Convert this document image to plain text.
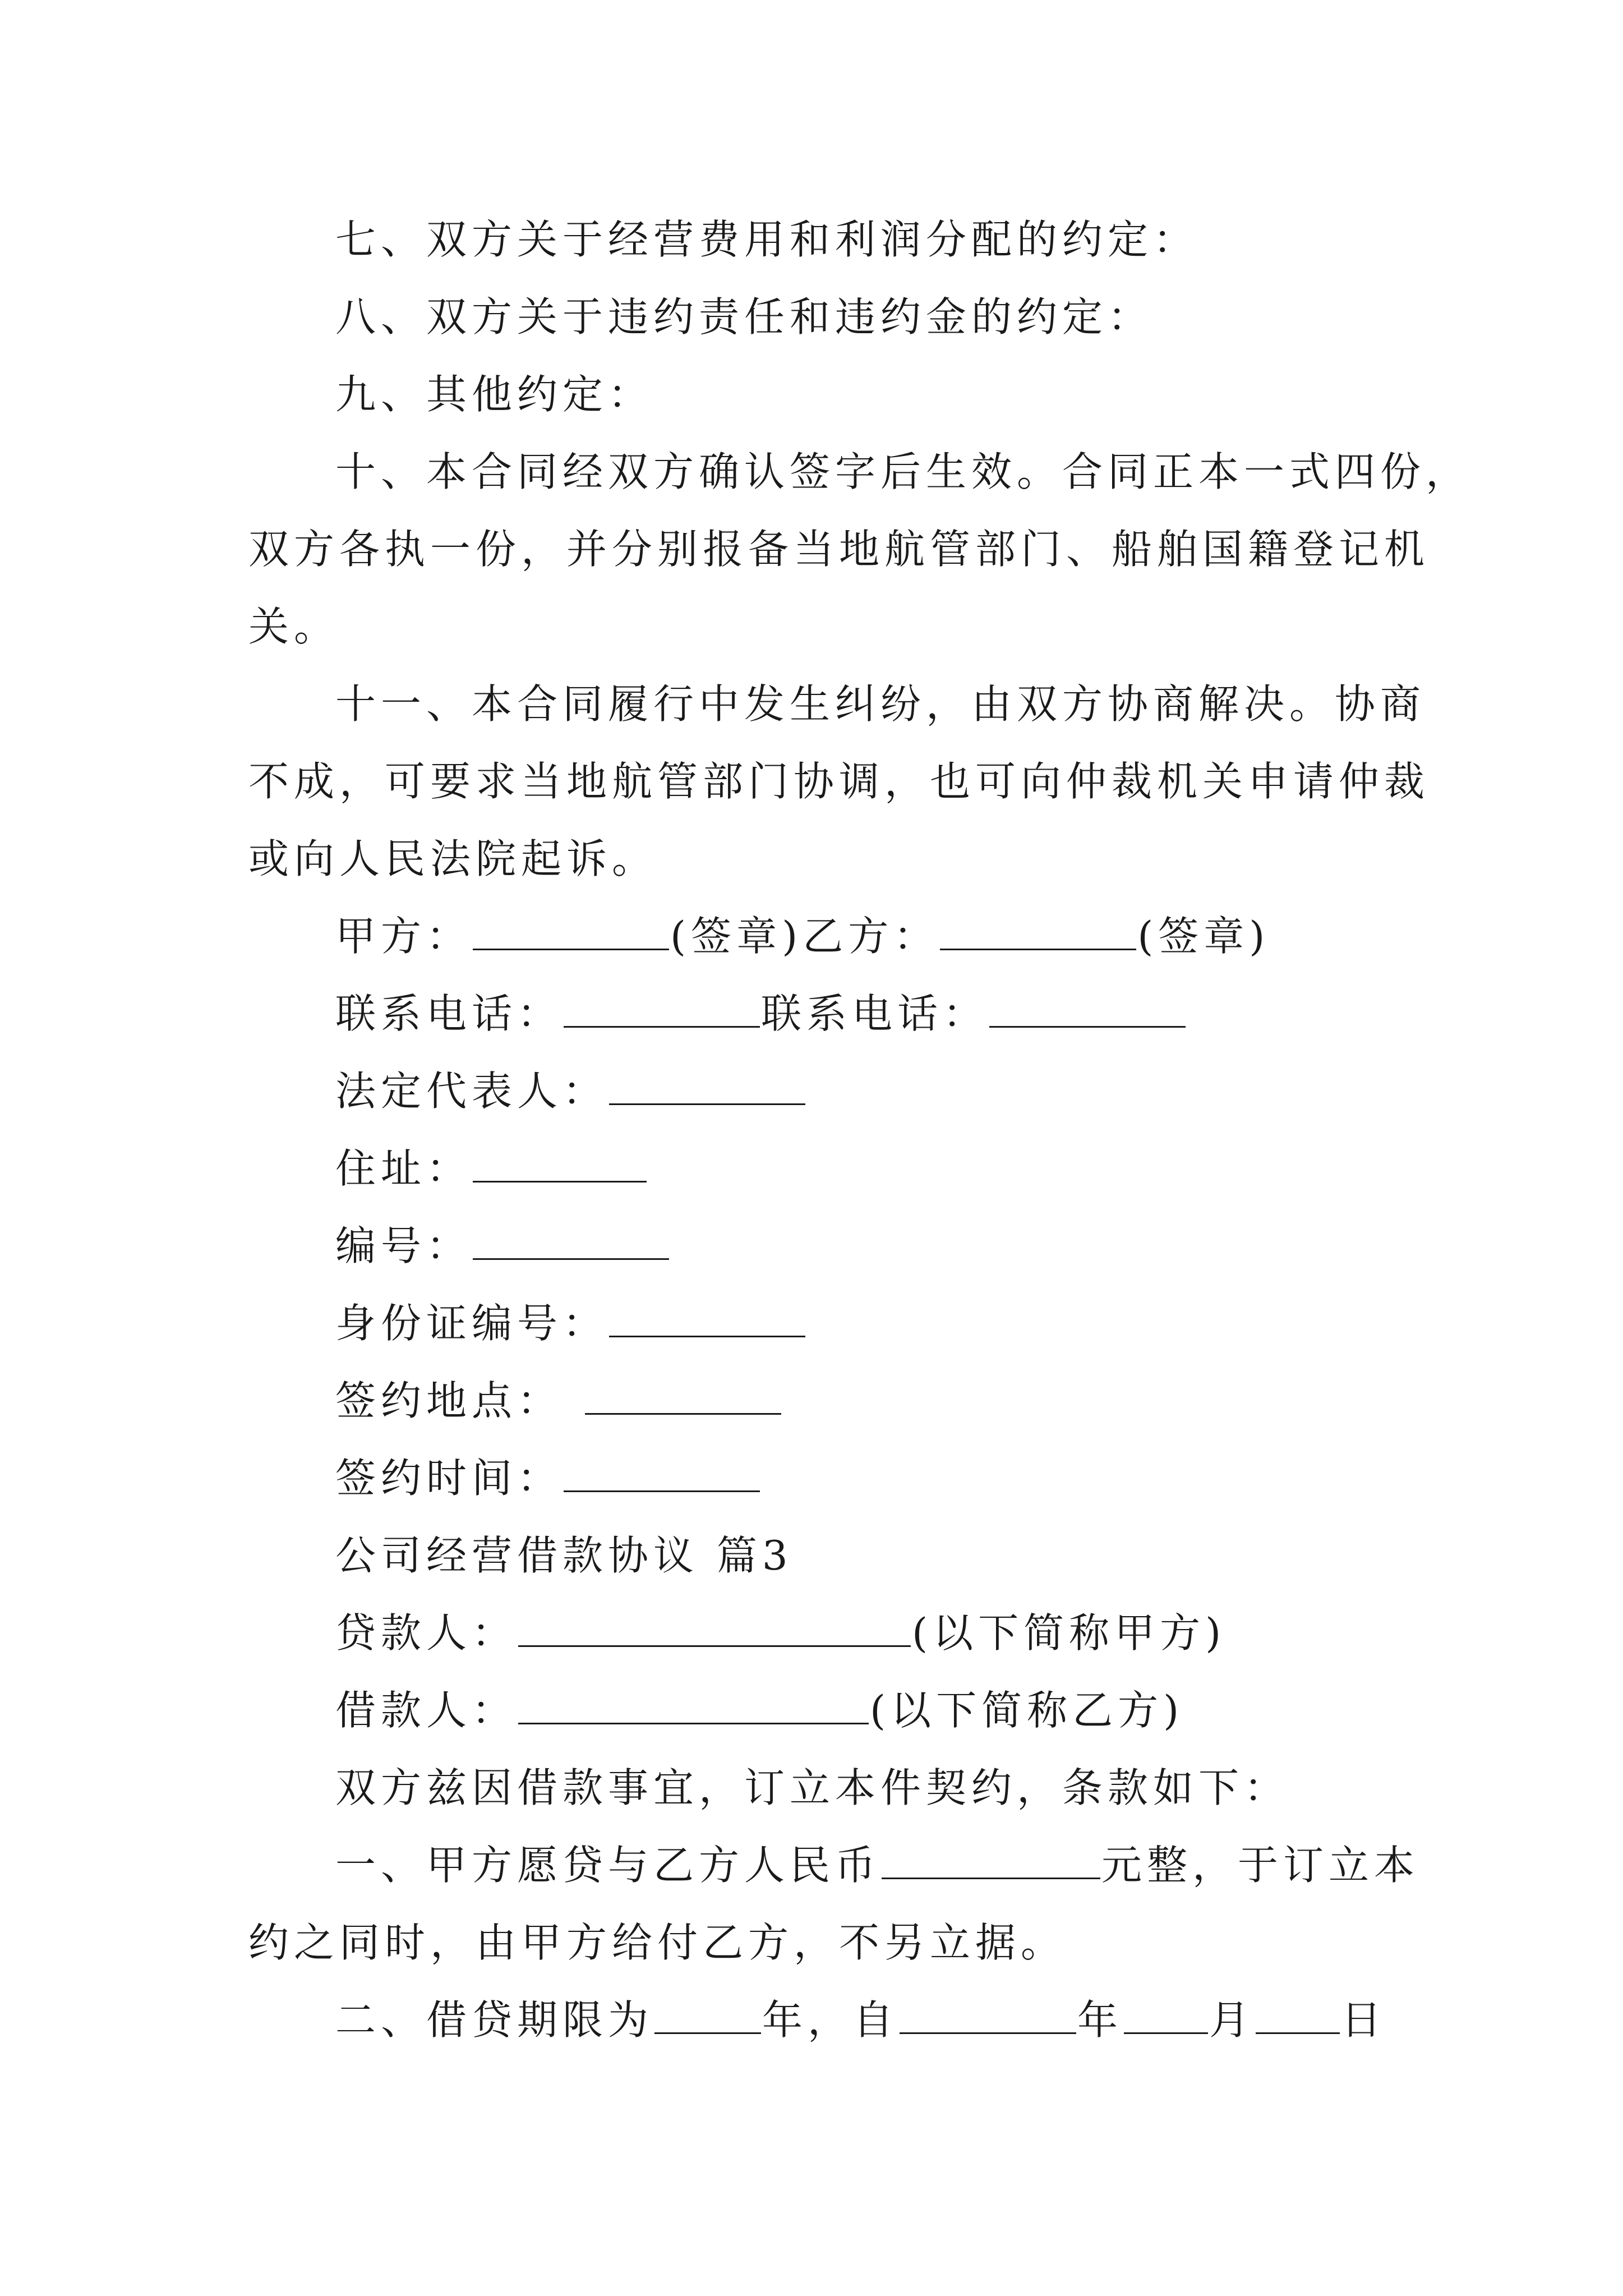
七、双方关于经营费用和利润分配的约定：
八、双方关于违约责任和违约金的约定：
九、其他约定：
十、本合同经双方确认签字后生效。合同正本一式四份，
双方各执一份，并分别报备当地航管部门、船舶国籍登记机
关。
十一、本合同履行中发生纠纷，由双方协商解决。协商
不成，可要求当地航管部门协调，也可向仲裁机关申请仲裁
或向人民法院起诉。
甲方：	(签章)乙方：	(签章)
联系电话：	联系电话：
法定代表人：
住址：
编号：
身份证编号：
签约地点：
签约时间：
公司经营借款协议 篇3
贷款人：	(以下简称甲方)
借款人：	(以下简称乙方)
双方兹因借款事宜，订立本件契约，条款如下：
一、甲方愿贷与乙方人民币	元整，于订立本
约之同时，由甲方给付乙方，不另立据。
二、借贷期限为	年，自	年 月 日
